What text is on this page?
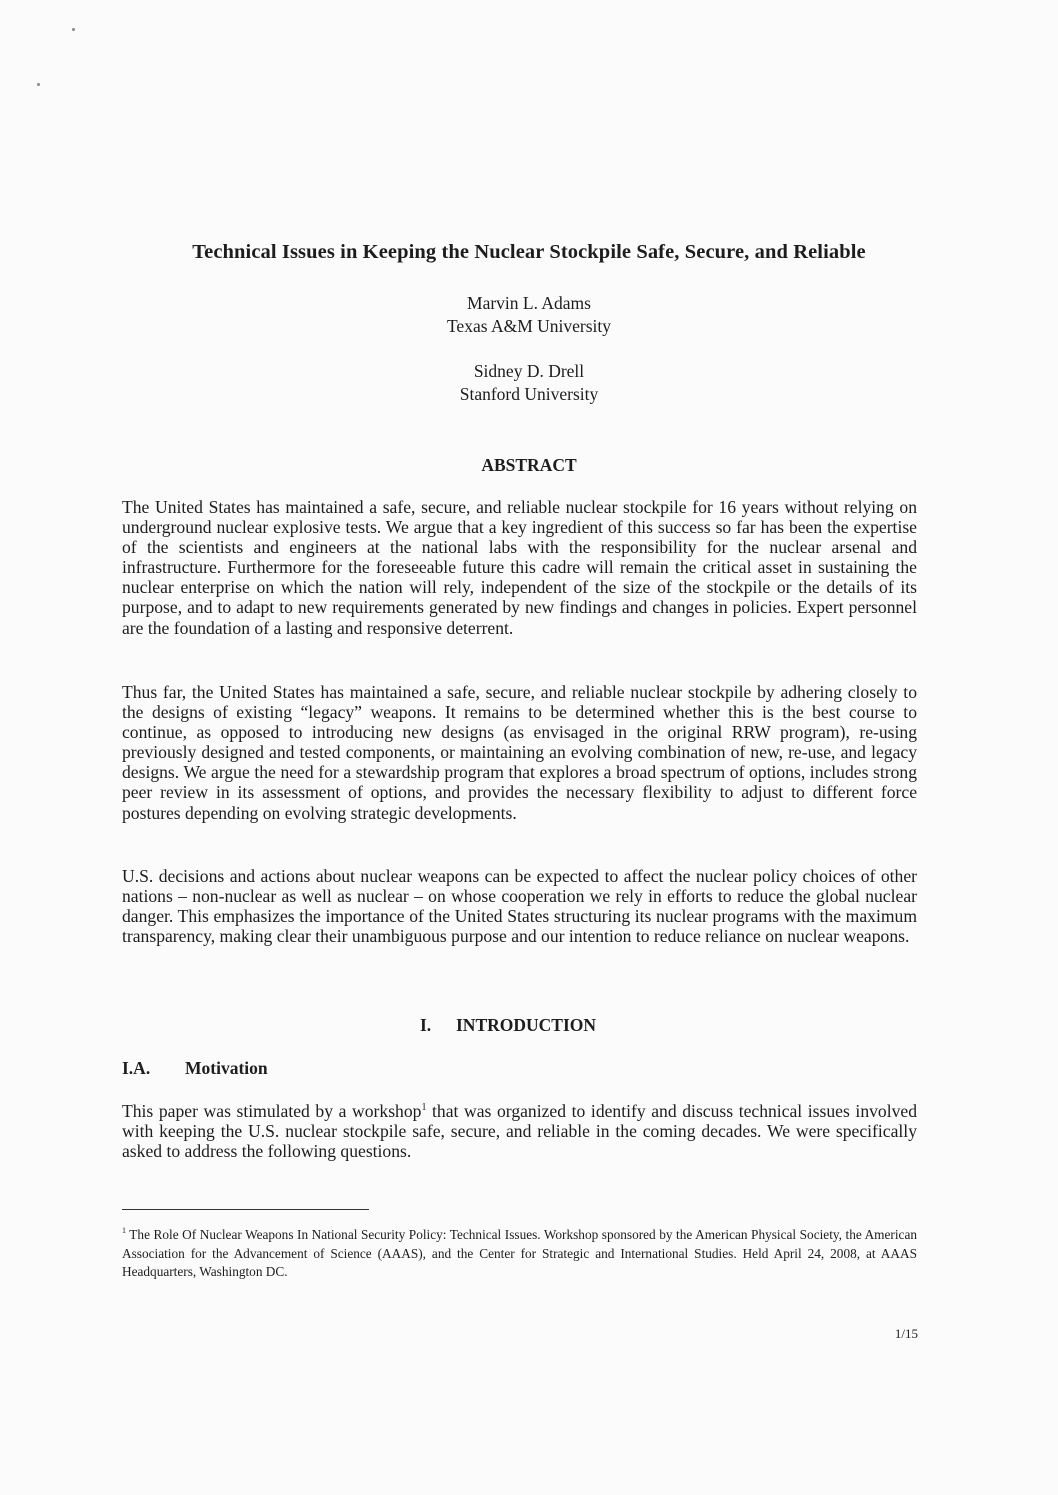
Technical Issues in Keeping the Nuclear Stockpile Safe, Secure, and Reliable
Marvin L. Adams
Texas A&M University
Sidney D. Drell
Stanford University
ABSTRACT

The United States has maintained a safe, secure, and reliable nuclear stockpile for 16 years without relying on underground nuclear explosive tests. We argue that a key ingredient of this success so far has been the expertise of the scientists and engineers at the national labs with the responsibility for the nuclear arsenal and infrastructure. Furthermore for the foreseeable future this cadre will remain the critical asset in sustaining the nuclear enterprise on which the nation will rely, independent of the size of the stockpile or the details of its purpose, and to adapt to new requirements generated by new findings and changes in policies. Expert personnel are the foundation of a lasting and responsive deterrent.

Thus far, the United States has maintained a safe, secure, and reliable nuclear stockpile by adhering closely to the designs of existing “legacy” weapons. It remains to be determined whether this is the best course to continue, as opposed to introducing new designs (as envisaged in the original RRW program), re-using previously designed and tested components, or maintaining an evolving combination of new, re-use, and legacy designs. We argue the need for a stewardship program that explores a broad spectrum of options, includes strong peer review in its assessment of options, and provides the necessary flexibility to adjust to different force postures depending on evolving strategic developments.

U.S. decisions and actions about nuclear weapons can be expected to affect the nuclear policy choices of other nations – non-nuclear as well as nuclear – on whose cooperation we rely in efforts to reduce the global nuclear danger. This emphasizes the importance of the United States structuring its nuclear programs with the maximum transparency, making clear their unambiguous purpose and our intention to reduce reliance on nuclear weapons.

I. INTRODUCTION
I.A. Motivation

This paper was stimulated by a workshop$^1$ that was organized to identify and discuss technical issues involved with keeping the U.S. nuclear stockpile safe, secure, and reliable in the coming decades. We were specifically asked to address the following questions.

$^1$ The Role Of Nuclear Weapons In National Security Policy: Technical Issues. Workshop sponsored by the American Physical Society, the American Association for the Advancement of Science (AAAS), and the Center for Strategic and International Studies. Held April 24, 2008, at AAAS Headquarters, Washington DC.

1/15
